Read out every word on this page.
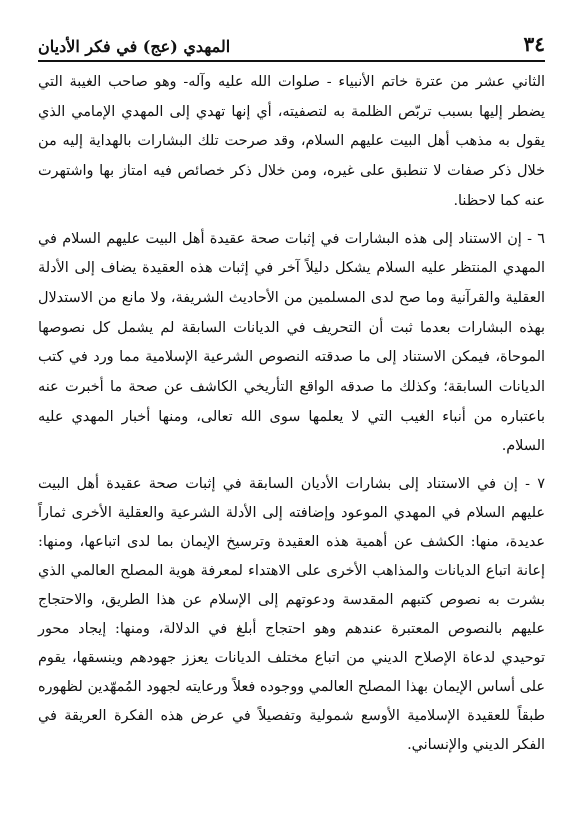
٣٤
المهدي (عج) في فكر الأديان

الثاني عشر من عترة خاتم الأنبياء - صلوات الله عليه وآله- وهو صاحب الغيبة التي يضطر إليها بسبب تربّص الظلمة به لتصفيته، أي إنها تهدي إلى المهدي الإمامي الذي يقول به مذهب أهل البيت عليهم السلام، وقد صرحت تلك البشارات بالهداية إليه من خلال ذكر صفات لا تنطبق على غيره، ومن خلال ذكر خصائص فيه امتاز بها واشتهرت عنه كما لاحظنا.

٦ - إن الاستناد إلى هذه البشارات في إثبات صحة عقيدة أهل البيت عليهم السلام في المهدي المنتظر عليه السلام يشكل دليلاً آخر في إثبات هذه العقيدة يضاف إلى الأدلة العقلية والقرآنية وما صح لدى المسلمين من الأحاديث الشريفة، ولا مانع من الاستدلال بهذه البشارات بعدما ثبت أن التحريف في الديانات السابقة لم يشمل كل نصوصها الموحاة، فيمكن الاستناد إلى ما صدقته النصوص الشرعية الإسلامية مما ورد في كتب الديانات السابقة؛ وكذلك ما صدقه الواقع التأريخي الكاشف عن صحة ما أخبرت عنه باعتباره من أنباء الغيب التي لا يعلمها سوى الله تعالى، ومنها أخبار المهدي عليه السلام.

٧ - إن في الاستناد إلى بشارات الأديان السابقة في إثبات صحة عقيدة أهل البيت عليهم السلام في المهدي الموعود وإضافته إلى الأدلة الشرعية والعقلية الأخرى ثماراً عديدة، منها: الكشف عن أهمية هذه العقيدة وترسيخ الإيمان بما لدى اتباعها، ومنها: إعانة اتباع الديانات والمذاهب الأخرى على الاهتداء لمعرفة هوية المصلح العالمي الذي بشرت به نصوص كتبهم المقدسة ودعوتهم إلى الإسلام عن هذا الطريق، والاحتجاج عليهم بالنصوص المعتبرة عندهم وهو احتجاج أبلغ في الدلالة، ومنها: إيجاد محور توحيدي لدعاة الإصلاح الديني من اتباع مختلف الديانات يعزز جهودهم وينسقها، يقوم على أساس الإيمان بهذا المصلح العالمي ووجوده فعلاً ورعايته لجهود المُمهّدين لظهوره طبقاً للعقيدة الإسلامية الأوسع شمولية وتفصيلاً في عرض هذه الفكرة العريقة في الفكر الديني والإنساني.
